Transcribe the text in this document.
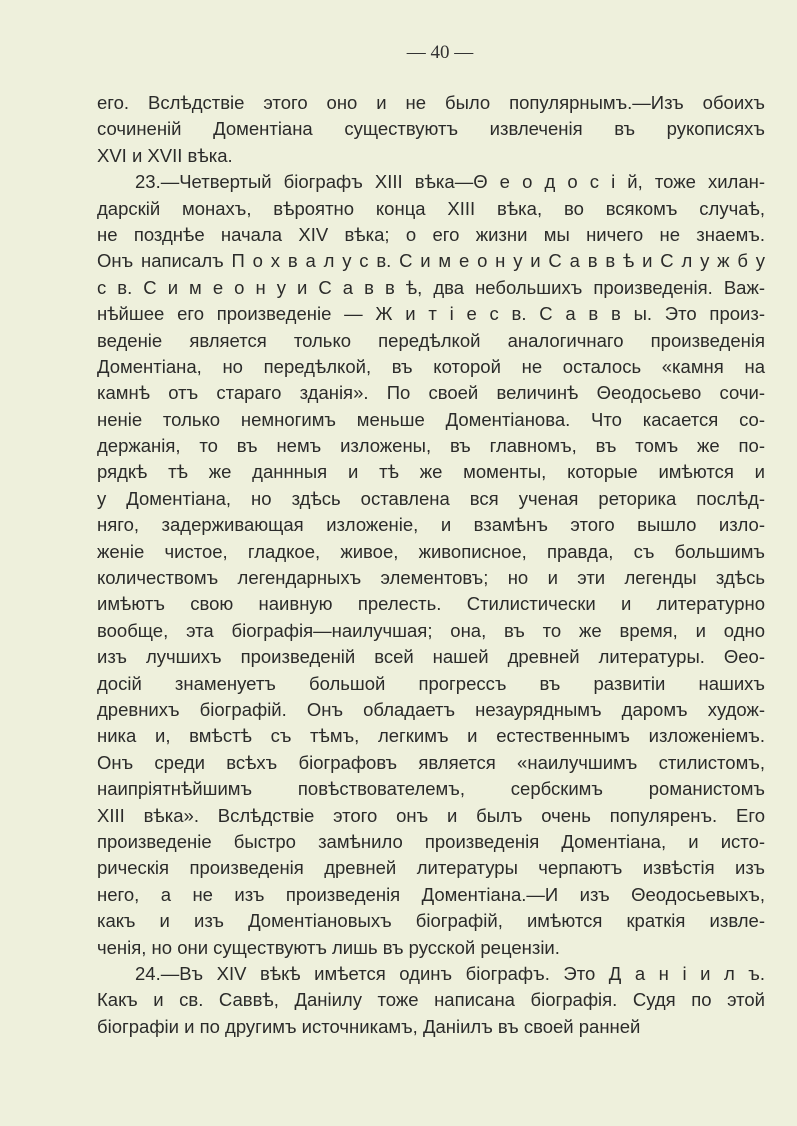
— 40 —
его. Вслѣдствіе этого оно и не было популярнымъ.—Изъ обоихъ
сочиненій Доментіана существуютъ извлеченія въ рукописяхъ
XVI и XVII вѣка.
23.—Четвертый біографъ XIII вѣка—Θ е о д о с і й, тоже хилан-
дарскій монахъ, вѣроятно конца XIII вѣка, во всякомъ случаѣ,
не позднѣе начала XIV вѣка; о его жизни мы ничего не знаемъ.
Онъ написалъ П о х в а л у с в. С и м е о н у и С а в в ѣ и С л у ж б у
с в. С и м е о н у и С а в в ѣ, два небольшихъ произведенія. Важ-
нѣйшее его произведеніе — Ж и т і е с в. С а в в ы. Это произ-
веденіе является только передѣлкой аналогичнаго произведенія
Доментіана, но передѣлкой, въ которой не осталось «камня на
камнѣ отъ стараго зданія». По своей величинѣ Θеодосьево сочи-
неніе только немногимъ меньше Доментіанова. Что касается со-
держанія, то въ немъ изложены, въ главномъ, въ томъ же по-
рядкѣ тѣ же даннныя и тѣ же моменты, которые имѣются и
у Доментіана, но здѣсь оставлена вся ученая реторика послѣд-
няго, задерживающая изложеніе, и взамѣнъ этого вышло изло-
женіе чистое, гладкое, живое, живописное, правда, съ большимъ
количествомъ легендарныхъ элементовъ; но и эти легенды здѣсь
имѣютъ свою наивную прелесть. Стилистически и литературно
вообще, эта біографія—наилучшая; она, въ то же время, и одно
изъ лучшихъ произведеній всей нашей древней литературы. Θео-
досій знаменуетъ большой прогрессъ въ развитіи нашихъ
древнихъ біографій. Онъ обладаетъ незауряднымъ даромъ худож-
ника и, вмѣстѣ съ тѣмъ, легкимъ и естественнымъ изложеніемъ.
Онъ среди всѣхъ біографовъ является «наилучшимъ стилистомъ,
наипріятнѣйшимъ повѣствователемъ, сербскимъ романистомъ
XIII вѣка». Вслѣдствіе этого онъ и былъ очень популяренъ. Его
произведеніе быстро замѣнило произведенія Доментіана, и исто-
рическія произведенія древней литературы черпаютъ извѣстія изъ
него, а не изъ произведенія Доментіана.—И изъ Θеодосьевыхъ,
какъ и изъ Доментіановыхъ біографій, имѣются краткія извле-
ченія, но они существуютъ лишь въ русской рецензіи.
24.—Въ XIV вѣкѣ имѣется одинъ біографъ. Это Д а н і и л ъ.
Какъ и св. Саввѣ, Даніилу тоже написана біографія. Судя по этой
біографіи и по другимъ источникамъ, Даніилъ въ своей ранней
